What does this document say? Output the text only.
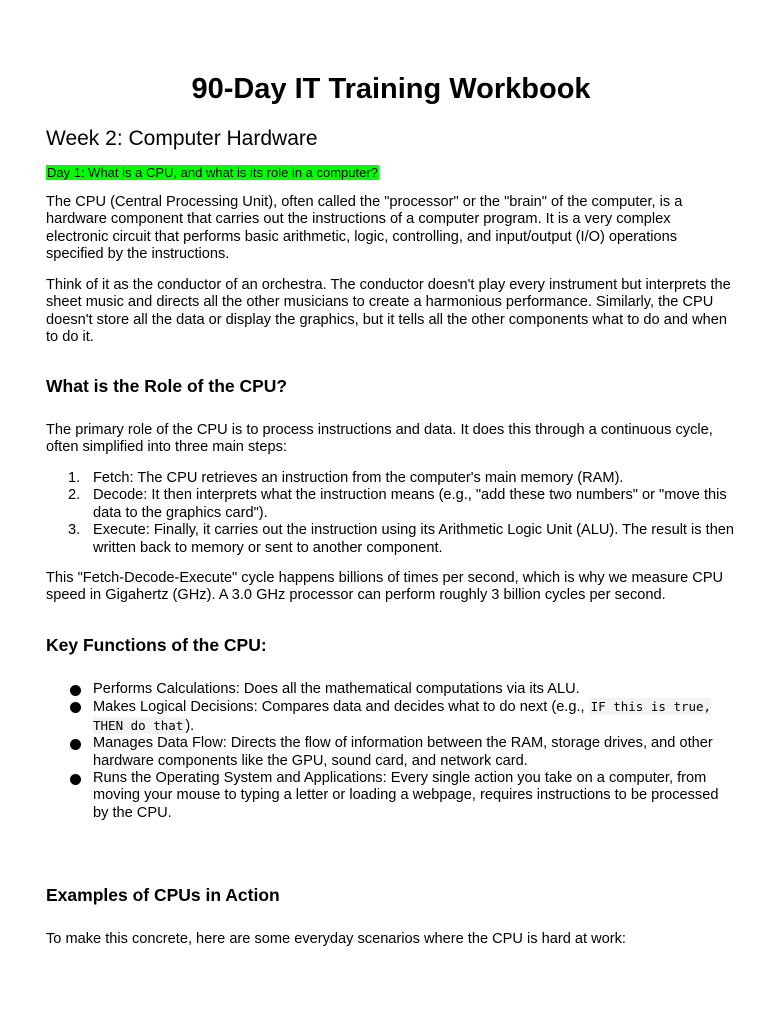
90-Day IT Training Workbook
Week 2: Computer Hardware

Day 1: What is a CPU, and what is its role in a computer?

The CPU (Central Processing Unit), often called the "processor" or the "brain" of the computer, is a hardware component that carries out the instructions of a computer program. It is a very complex electronic circuit that performs basic arithmetic, logic, controlling, and input/output (I/O) operations specified by the instructions.

Think of it as the conductor of an orchestra. The conductor doesn't play every instrument but interprets the sheet music and directs all the other musicians to create a harmonious performance. Similarly, the CPU doesn't store all the data or display the graphics, but it tells all the other components what to do and when to do it.

What is the Role of the CPU?

The primary role of the CPU is to process instructions and data. It does this through a continuous cycle, often simplified into three main steps:

1. Fetch: The CPU retrieves an instruction from the computer's main memory (RAM).
2. Decode: It then interprets what the instruction means (e.g., "add these two numbers" or "move this data to the graphics card").
3. Execute: Finally, it carries out the instruction using its Arithmetic Logic Unit (ALU). The result is then written back to memory or sent to another component.

This "Fetch-Decode-Execute" cycle happens billions of times per second, which is why we measure CPU speed in Gigahertz (GHz). A 3.0 GHz processor can perform roughly 3 billion cycles per second.

Key Functions of the CPU:
Performs Calculations: Does all the mathematical computations via its ALU.
Makes Logical Decisions: Compares data and decides what to do next (e.g., IF this is true, THEN do that ).
Manages Data Flow: Directs the flow of information between the RAM, storage drives, and other hardware components like the GPU, sound card, and network card.
Runs the Operating System and Applications: Every single action you take on a computer, from moving your mouse to typing a letter or loading a webpage, requires instructions to be processed by the CPU.
Examples of CPUs in Action

To make this concrete, here are some everyday scenarios where the CPU is hard at work:
